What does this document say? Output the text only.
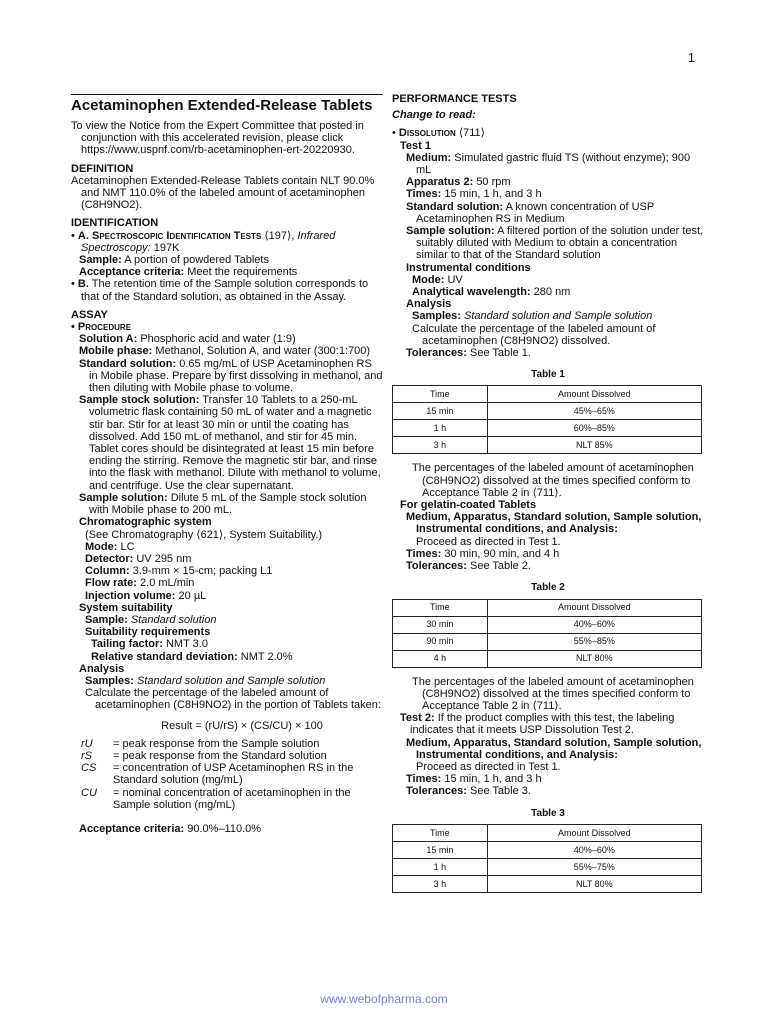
1
Acetaminophen Extended-Release Tablets

To view the Notice from the Expert Committee that posted in conjunction with this accelerated revision, please click https://www.uspnf.com/rb-acetaminophen-ert-20220930.

DEFINITION

Acetaminophen Extended-Release Tablets contain NLT 90.0% and NMT 110.0% of the labeled amount of acetaminophen (C8H9NO2).

IDENTIFICATION

• A. Spectroscopic Identification Tests ⟨197⟩, Infrared Spectroscopy: 197K

Sample: A portion of powdered Tablets

Acceptance criteria: Meet the requirements

• B. The retention time of the Sample solution corresponds to that of the Standard solution, as obtained in the Assay.

ASSAY

• Procedure

Solution A: Phosphoric acid and water (1:9)

Mobile phase: Methanol, Solution A, and water (300:1:700)

Standard solution: 0.65 mg/mL of USP Acetaminophen RS in Mobile phase. Prepare by first dissolving in methanol, and then diluting with Mobile phase to volume.

Sample stock solution: Transfer 10 Tablets to a 250-mL volumetric flask containing 50 mL of water and a magnetic stir bar. Stir for at least 30 min or until the coating has dissolved. Add 150 mL of methanol, and stir for 45 min. Tablet cores should be disintegrated at least 15 min before ending the stirring. Remove the magnetic stir bar, and rinse into the flask with methanol. Dilute with methanol to volume, and centrifuge. Use the clear supernatant.

Sample solution: Dilute 5 mL of the Sample stock solution with Mobile phase to 200 mL.

Chromatographic system

(See Chromatography ⟨621⟩, System Suitability.)

Mode: LC

Detector: UV 295 nm

Column: 3.9-mm × 15-cm; packing L1

Flow rate: 2.0 mL/min

Injection volume: 20 µL

System suitability

Sample: Standard solution

Suitability requirements

Tailing factor: NMT 3.0

Relative standard deviation: NMT 2.0%

Analysis

Samples: Standard solution and Sample solution

Calculate the percentage of the labeled amount of acetaminophen (C8H9NO2) in the portion of Tablets taken:

Result = (rU/rS) × (CS/CU) × 100

rU	= peak response from the Sample solution
rS	= peak response from the Standard solution
CS	= concentration of USP Acetaminophen RS in the Standard solution (mg/mL)
CU	= nominal concentration of acetaminophen in the Sample solution (mg/mL)

Acceptance criteria: 90.0%–110.0%

PERFORMANCE TESTS

Change to read:

• Dissolution ⟨711⟩

Test 1

Medium: Simulated gastric fluid TS (without enzyme); 900 mL

Apparatus 2: 50 rpm

Times: 15 min, 1 h, and 3 h

Standard solution: A known concentration of USP Acetaminophen RS in Medium

Sample solution: A filtered portion of the solution under test, suitably diluted with Medium to obtain a concentration similar to that of the Standard solution

Instrumental conditions

Mode: UV

Analytical wavelength: 280 nm

Analysis

Samples: Standard solution and Sample solution

Calculate the percentage of the labeled amount of acetaminophen (C8H9NO2) dissolved.

Tolerances: See Table 1.

Table 1
Time	Amount Dissolved
15 min	45%–65%
1 h	60%–85%
3 h	NLT 85%

The percentages of the labeled amount of acetaminophen (C8H9NO2) dissolved at the times specified conform to Acceptance Table 2 in ⟨711⟩.

For gelatin-coated Tablets

Medium, Apparatus, Standard solution, Sample solution, Instrumental conditions, and Analysis:

Proceed as directed in Test 1.

Times: 30 min, 90 min, and 4 h

Tolerances: See Table 2.

Table 2
Time	Amount Dissolved
30 min	40%–60%
90 min	55%–85%
4 h	NLT 80%

The percentages of the labeled amount of acetaminophen (C8H9NO2) dissolved at the times specified conform to Acceptance Table 2 in ⟨711⟩.

Test 2: If the product complies with this test, the labeling indicates that it meets USP Dissolution Test 2.

Medium, Apparatus, Standard solution, Sample solution, Instrumental conditions, and Analysis:

Proceed as directed in Test 1.

Times: 15 min, 1 h, and 3 h

Tolerances: See Table 3.

Table 3
Time	Amount Dissolved
15 min	40%–60%
1 h	55%–75%
3 h	NLT 80%
www.webofpharma.com
